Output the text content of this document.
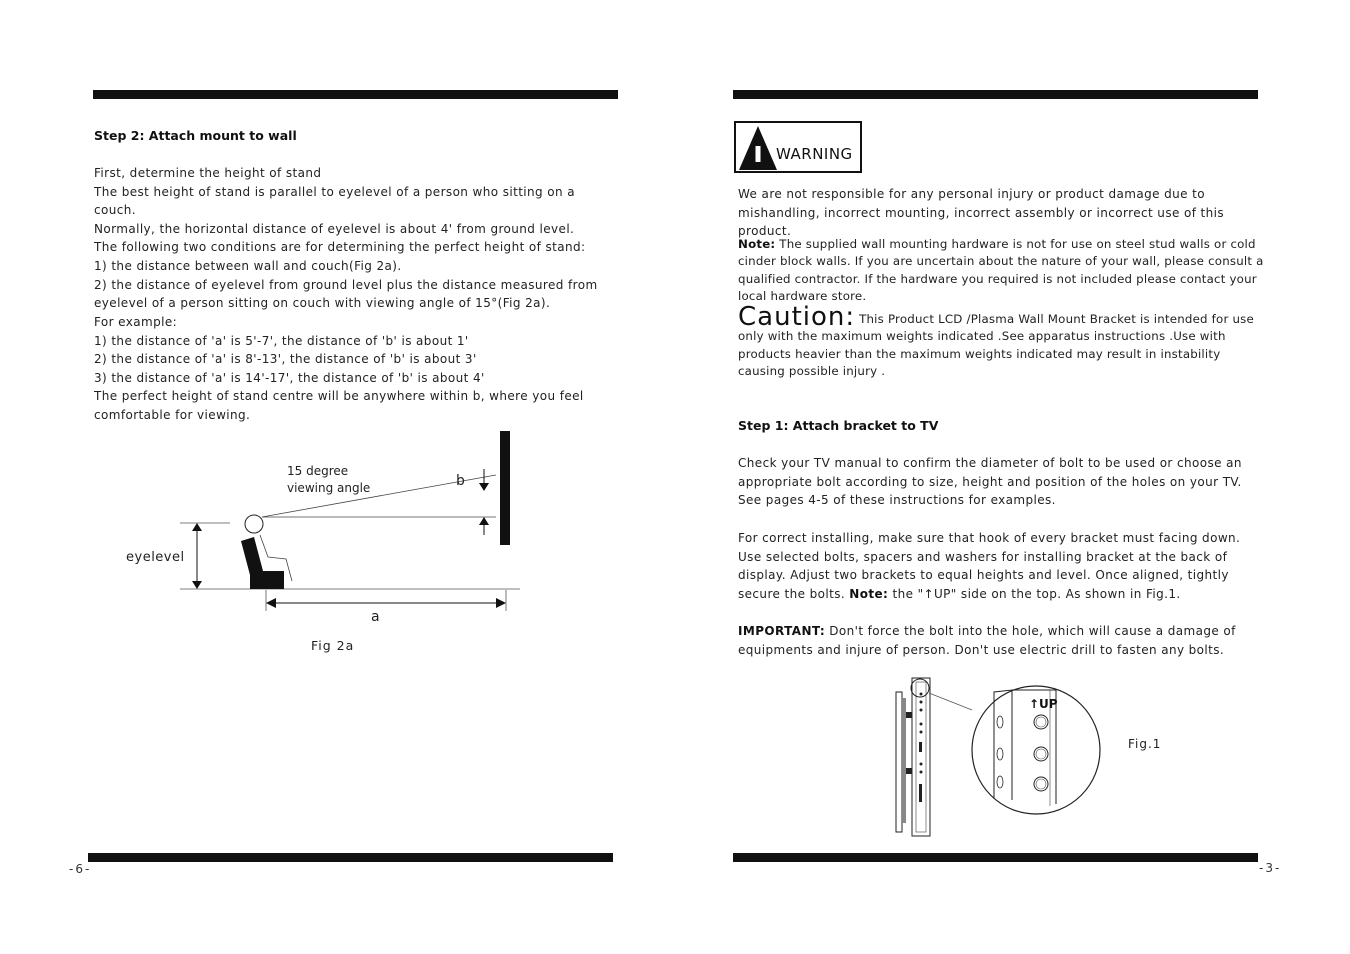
-6-	-3-
Step 2: Attach mount to wall

First, determine the height of stand

The best height of stand is parallel to eyelevel of a person who sitting on a couch.

Normally, the horizontal distance of eyelevel is about 4' from ground level.

The following two conditions are for determining the perfect height of stand:

1) the distance between wall and couch(Fig 2a).

2) the distance of eyelevel from ground level plus the distance measured from

eyelevel of a person sitting on couch with viewing angle of 15°(Fig 2a).

For example:

1) the distance of 'a' is 5'-7', the distance of 'b' is about 1'

2) the distance of 'a' is 8'-13', the distance of 'b' is about 3'

3) the distance of 'a' is 14'-17', the distance of 'b' is about 4'

The perfect height of stand centre will be anywhere within b, where you feel

comfortable for viewing.

15 degree
viewing angle	b
eyelevel
a
Fig 2a
WARNING
We are not responsible for any personal injury or product damage due to mishandling, incorrect mounting, incorrect assembly or incorrect use of this product.
Note: The supplied wall mounting hardware is not for use on steel stud walls or cold cinder block walls. If you are uncertain about the nature of your wall, please consult a qualified contractor. If the hardware you required is not included please contact your local hardware store.
Caution: This Product LCD /Plasma Wall Mount Bracket is intended for use only with the maximum weights indicated .See apparatus instructions .Use with products heavier than the maximum weights indicated may result in instability causing possible injury .
Step 1: Attach bracket to TV
Check your TV manual to confirm the diameter of bolt to be used or choose an appropriate bolt according to size, height and position of the holes on your TV. See pages 4-5 of these instructions for examples.
For correct installing, make sure that hook of every bracket must facing down. Use selected bolts, spacers and washers for installing bracket at the back of display. Adjust two brackets to equal heights and level. Once aligned, tightly secure the bolts. Note: the "↑UP" side on the top. As shown in Fig.1.
IMPORTANT: Don't force the bolt into the hole, which will cause a damage of equipments and injure of person. Don't use electric drill to fasten any bolts.
↑UP
Fig.1
